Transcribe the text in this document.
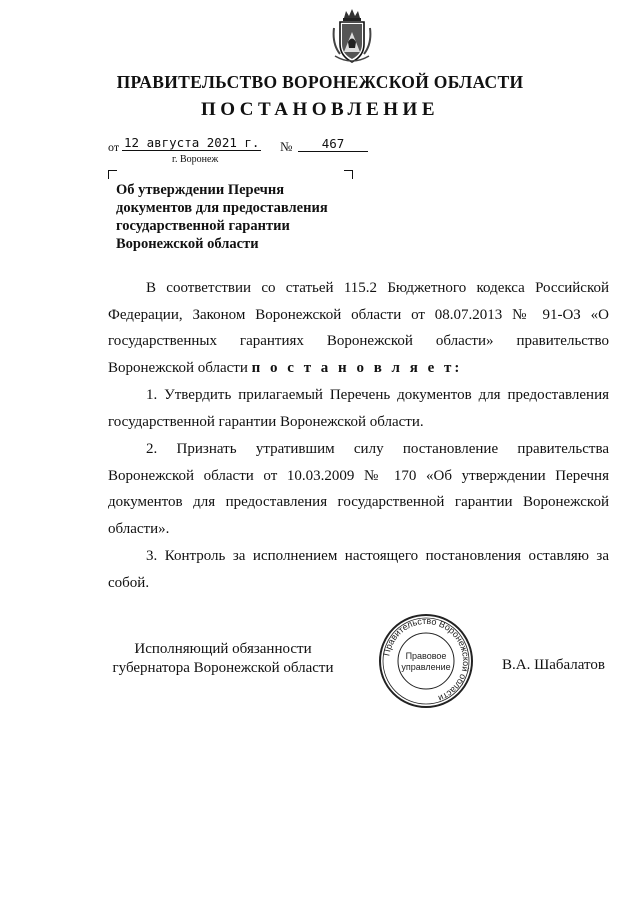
ПРАВИТЕЛЬСТВО ВОРОНЕЖСКОЙ ОБЛАСТИ
ПОСТАНОВЛЕНИЕ
от 12 августа 2021 г. №	467
г. Воронеж
Об утверждении Перечня документов для предоставления государственной гарантии Воронежской области

В соответствии со статьей 115.2 Бюджетного кодекса Российской Федерации, Законом Воронежской области от 08.07.2013 № 91-ОЗ «О государственных гарантиях Воронежской области» правительство Воронежской области п о с т а н о в л я е т:

1. Утвердить прилагаемый Перечень документов для предоставления государственной гарантии Воронежской области.

2. Признать утратившим силу постановление правительства Воронежской области от 10.03.2009 № 170 «Об утверждении Перечня документов для предоставления государственной гарантии Воронежской области».

3. Контроль за исполнением настоящего постановления оставляю за собой.

Исполняющий обязанности
губернатора Воронежской области
Правительство Воронежской области
Правовое
управление	В.А. Шабалатов
